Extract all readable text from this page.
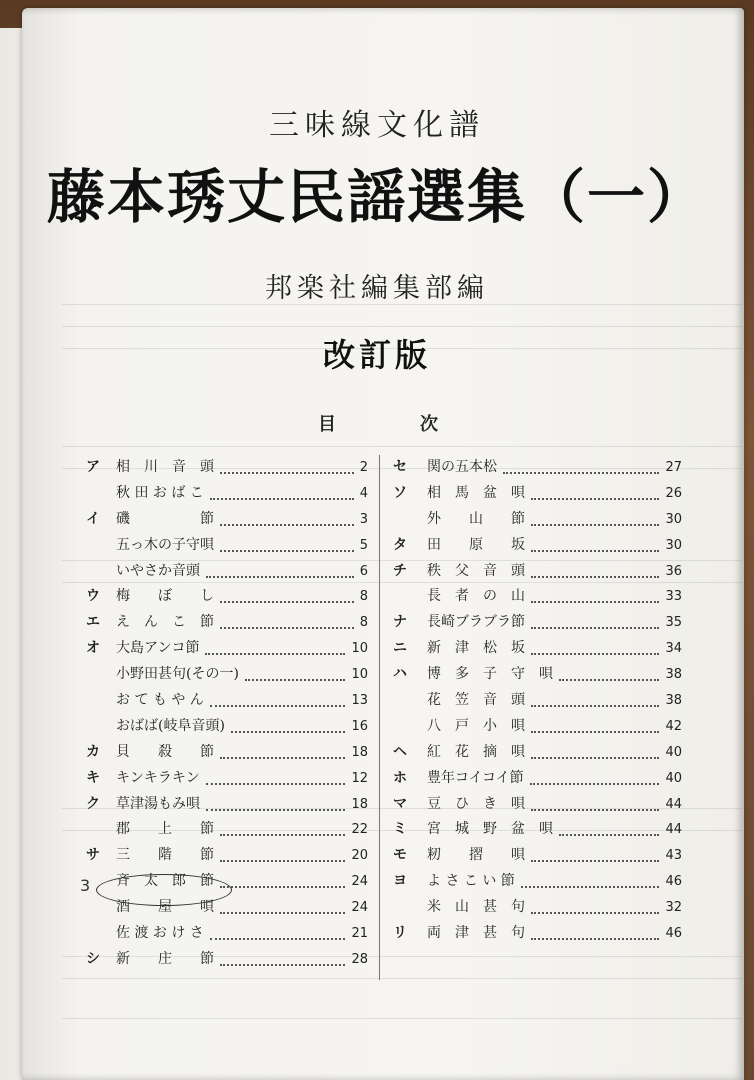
三味線文化譜
藤本琇丈民謡選集（一）
邦楽社編集部編
改訂版
目	次
ア	相　川　音　頭	2
秋 田 お ば こ	4
イ	磯　　　　　節	3
五っ木の子守唄	5
いやさか音頭	6
ウ	梅　　ぼ　　し	8
エ	え　ん　こ　節	8
オ	大島アンコ節	10
小野田甚句(その一)	10
お て も や ん	13
おばば(岐阜音頭)	16
カ	貝　　殺　　節	18
キ	キンキラキン	12
ク	草津湯もみ唄	18
郡　　上　　節	22
サ	三　　階　　節	20
斉　太　郎　節	24
酒　　屋　　唄	24
佐 渡 お け さ	21
シ	新　　庄　　節	28
セ	関の五本松	27
ソ	相　馬　盆　唄	26
外　　山　　節	30
タ	田　　原　　坂	30
チ	秩　父　音　頭	36
長　者　の　山	33
ナ	長崎ブラブラ節	35
ニ	新　津　松　坂	34
ハ	博　多　子　守　唄	38
花　笠　音　頭	38
八　戸　小　唄	42
ヘ	紅　花　摘　唄	40
ホ	豊年コイコイ節	40
マ	豆　ひ　き　唄	44
ミ	宮　城　野　盆　唄	44
モ	籾　　摺　　唄	43
ヨ	よ さ こ い 節	46
米　山　甚　句	32
リ	両　津　甚　句	46
3
